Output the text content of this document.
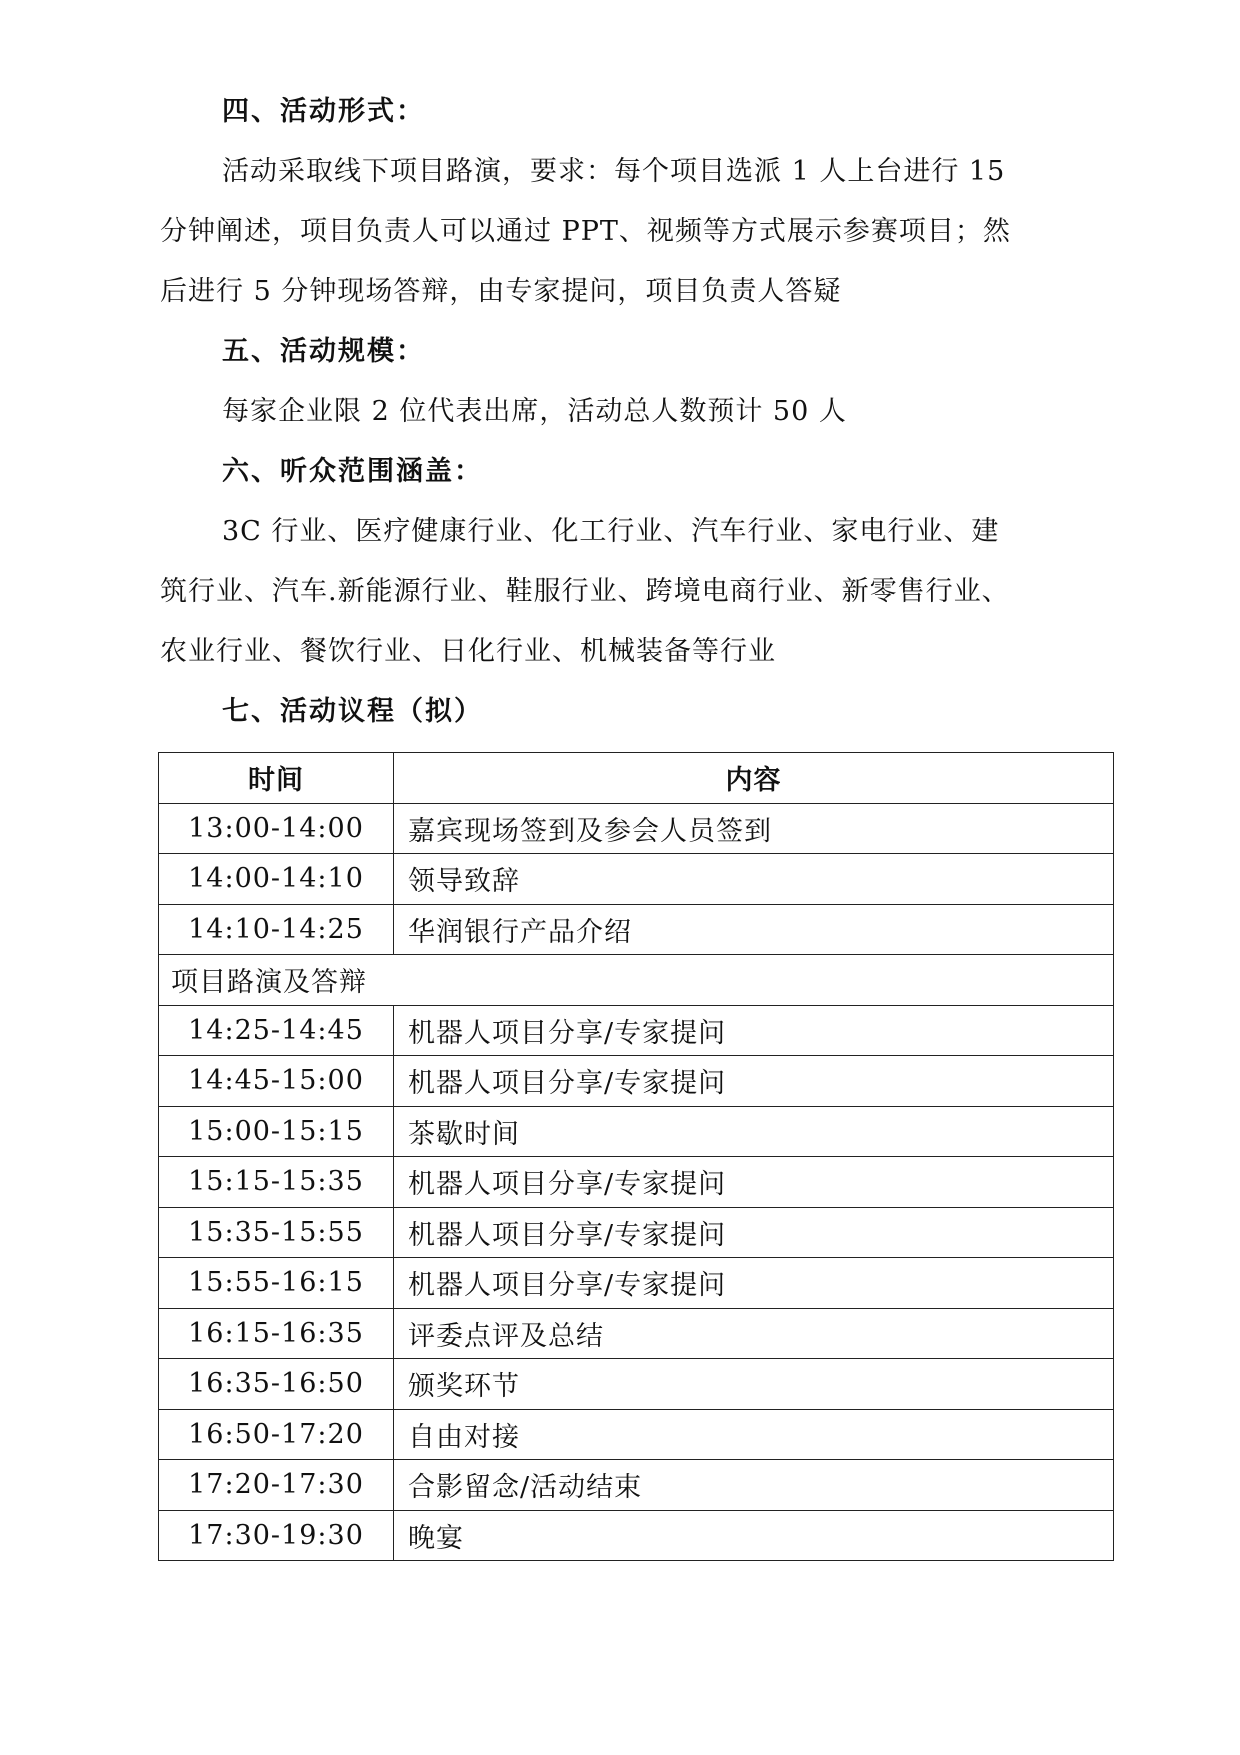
四、活动形式：
活动采取线下项目路演，要求：每个项目选派 1 人上台进行 15
分钟阐述，项目负责人可以通过 PPT、视频等方式展示参赛项目；然
后进行 5 分钟现场答辩，由专家提问，项目负责人答疑
五、活动规模：
每家企业限 2 位代表出席，活动总人数预计 50 人
六、听众范围涵盖：
3C 行业、医疗健康行业、化工行业、汽车行业、家电行业、建
筑行业、汽车.新能源行业、鞋服行业、跨境电商行业、新零售行业、
农业行业、餐饮行业、日化行业、机械装备等行业
七、活动议程（拟）
时间	内容
13:00-14:00	嘉宾现场签到及参会人员签到
14:00-14:10	领导致辞
14:10-14:25	华润银行产品介绍
项目路演及答辩	
14:25-14:45	机器人项目分享/专家提问
14:45-15:00	机器人项目分享/专家提问
15:00-15:15	茶歇时间
15:15-15:35	机器人项目分享/专家提问
15:35-15:55	机器人项目分享/专家提问
15:55-16:15	机器人项目分享/专家提问
16:15-16:35	评委点评及总结
16:35-16:50	颁奖环节
16:50-17:20	自由对接
17:20-17:30	合影留念/活动结束
17:30-19:30	晚宴
